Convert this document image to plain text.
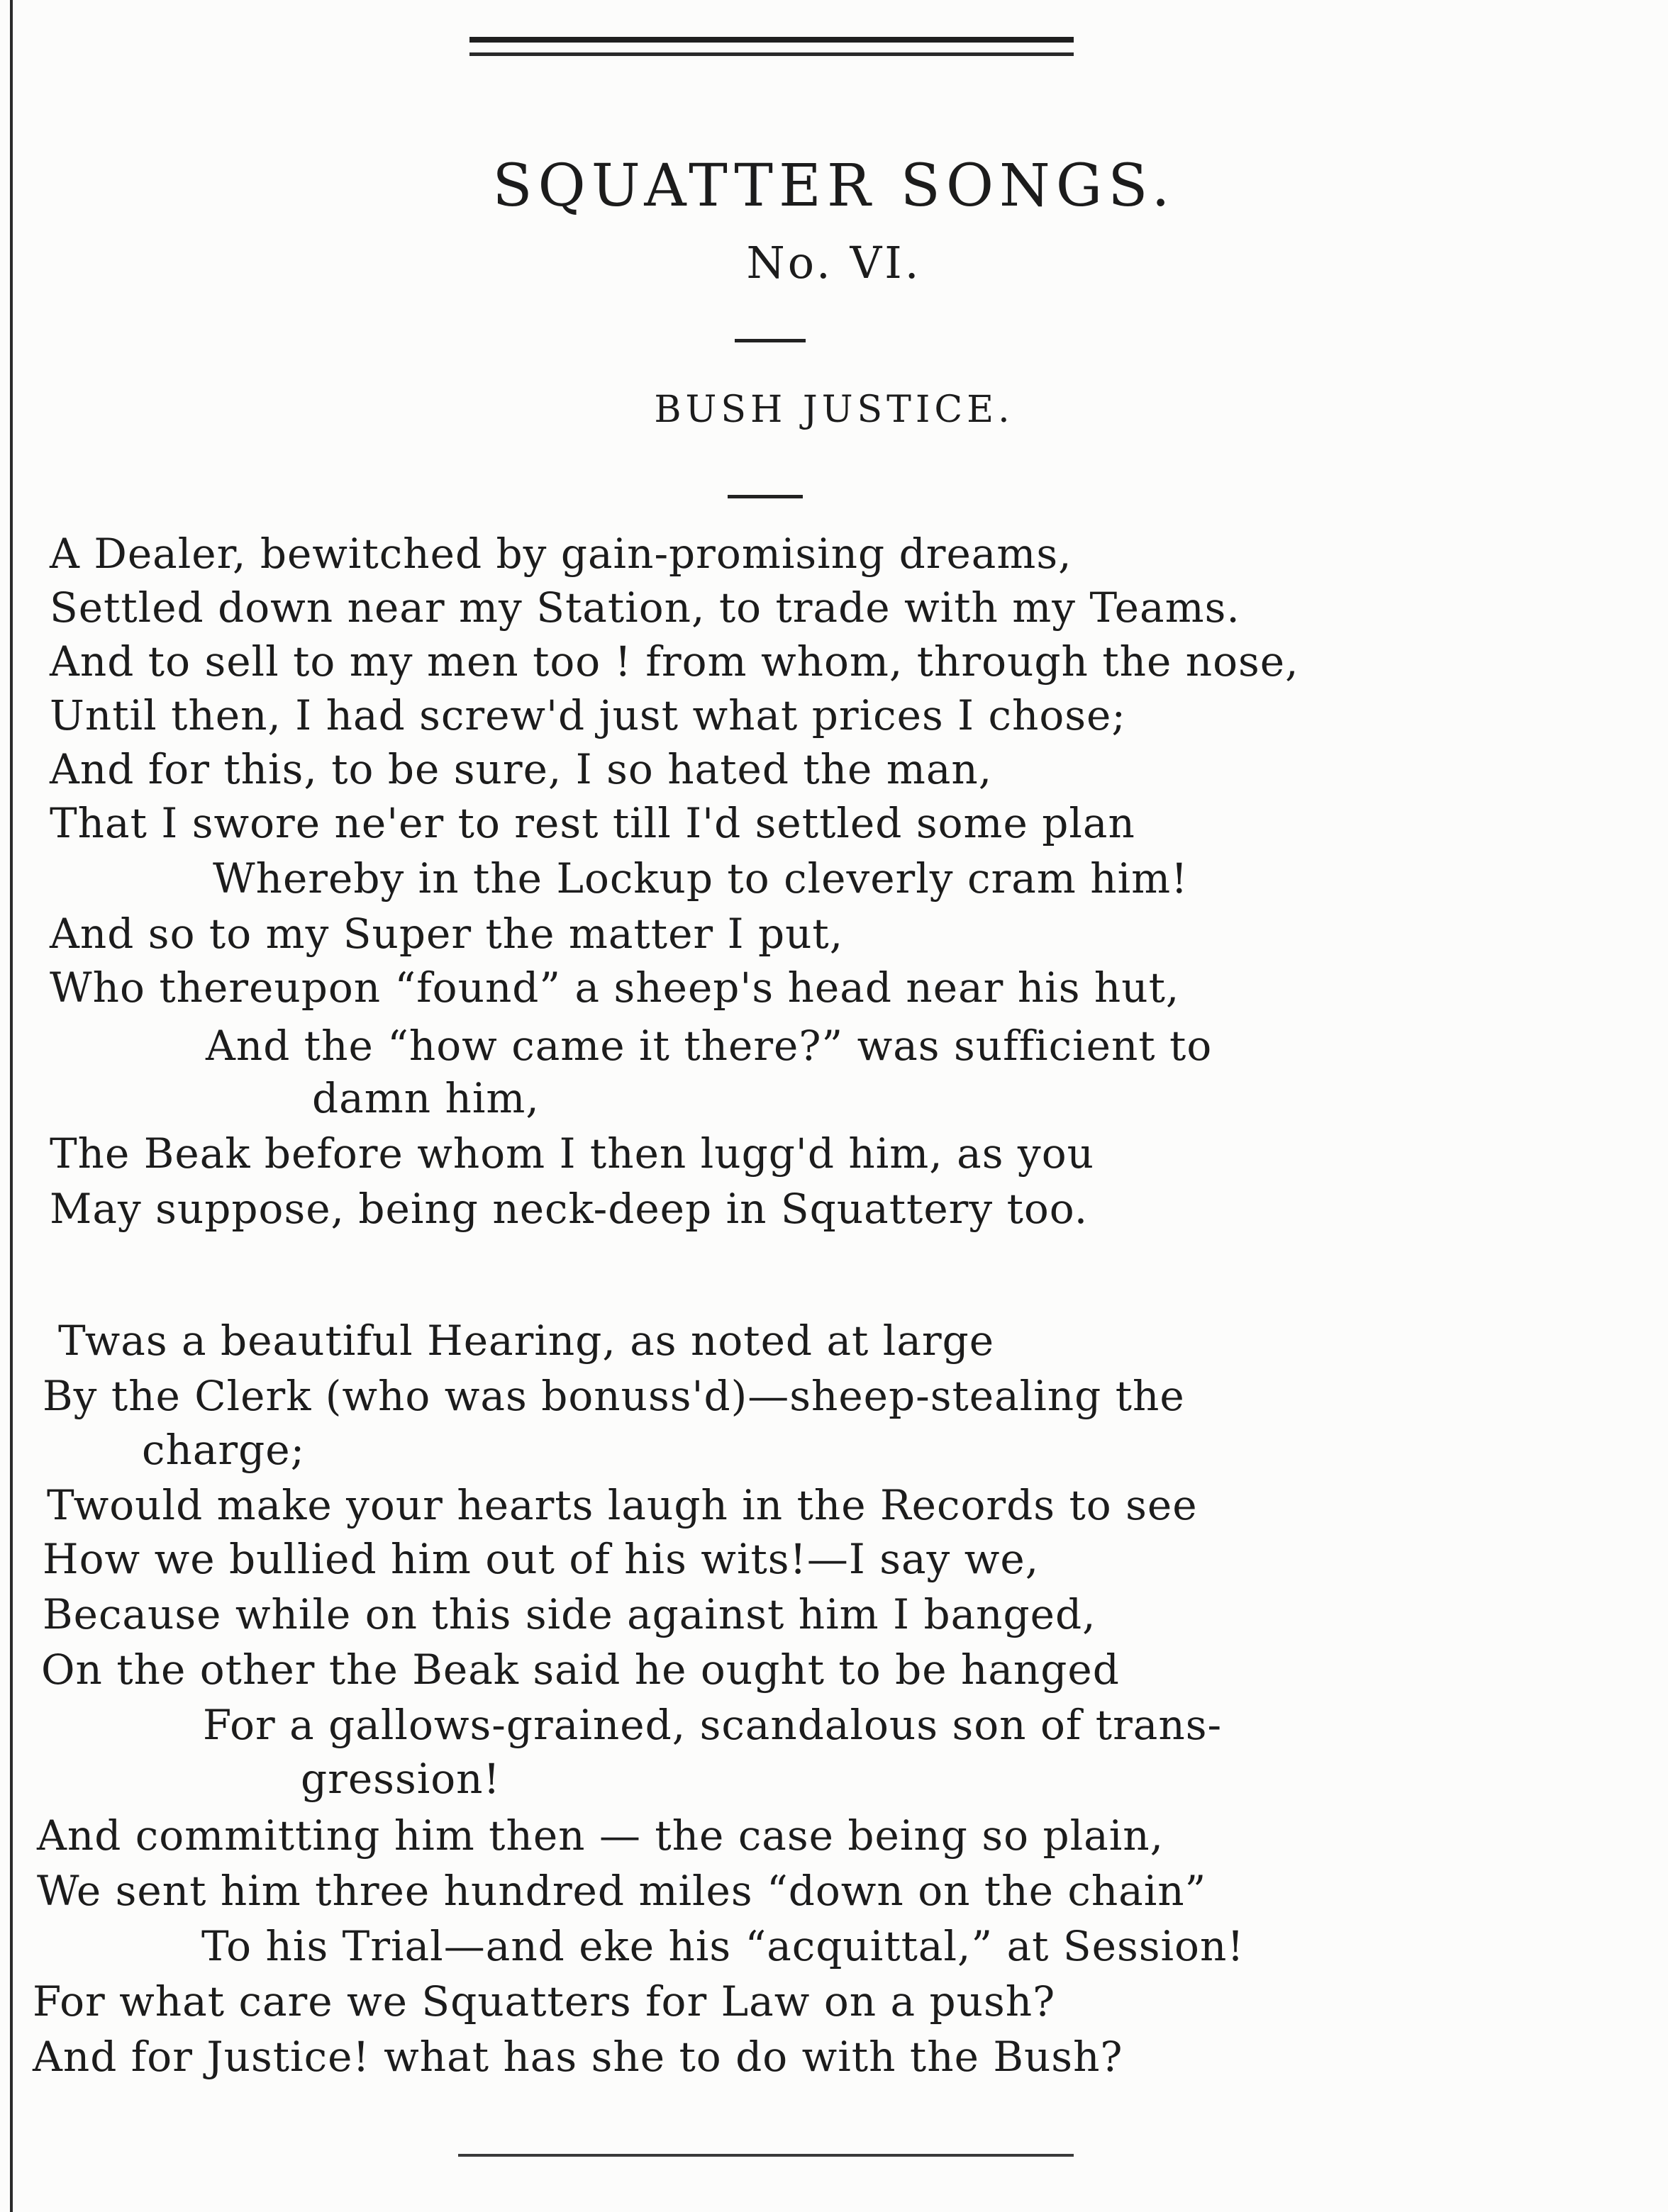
SQUATTER SONGS.
No. VI.
BUSH JUSTICE.
A Dealer, bewitched by gain-promising dreams,
Settled down near my Station, to trade with my Teams.
And to sell to my men too ! from whom, through the nose,
Until then, I had screw'd just what prices I chose;
And for this, to be sure, I so hated the man,
That I swore ne'er to rest till I'd settled some plan
Whereby in the Lockup to cleverly cram him!
And so to my Super the matter I put,
Who thereupon “found” a sheep's head near his hut,
And the “how came it there?” was sufficient to
damn him,
The Beak before whom I then lugg'd him, as you
May suppose, being neck-deep in Squattery too.
Twas a beautiful Hearing, as noted at large
By the Clerk (who was bonuss'd)—sheep-stealing the
charge;
Twould make your hearts laugh in the Records to see
How we bullied him out of his wits!—I say we,
Because while on this side against him I banged,
On the other the Beak said he ought to be hanged
For a gallows-grained, scandalous son of trans-
gression!
And committing him then — the case being so plain,
We sent him three hundred miles “down on the chain”
To his Trial—and eke his “acquittal,” at Session!
For what care we Squatters for Law on a push?
And for Justice! what has she to do with the Bush?
